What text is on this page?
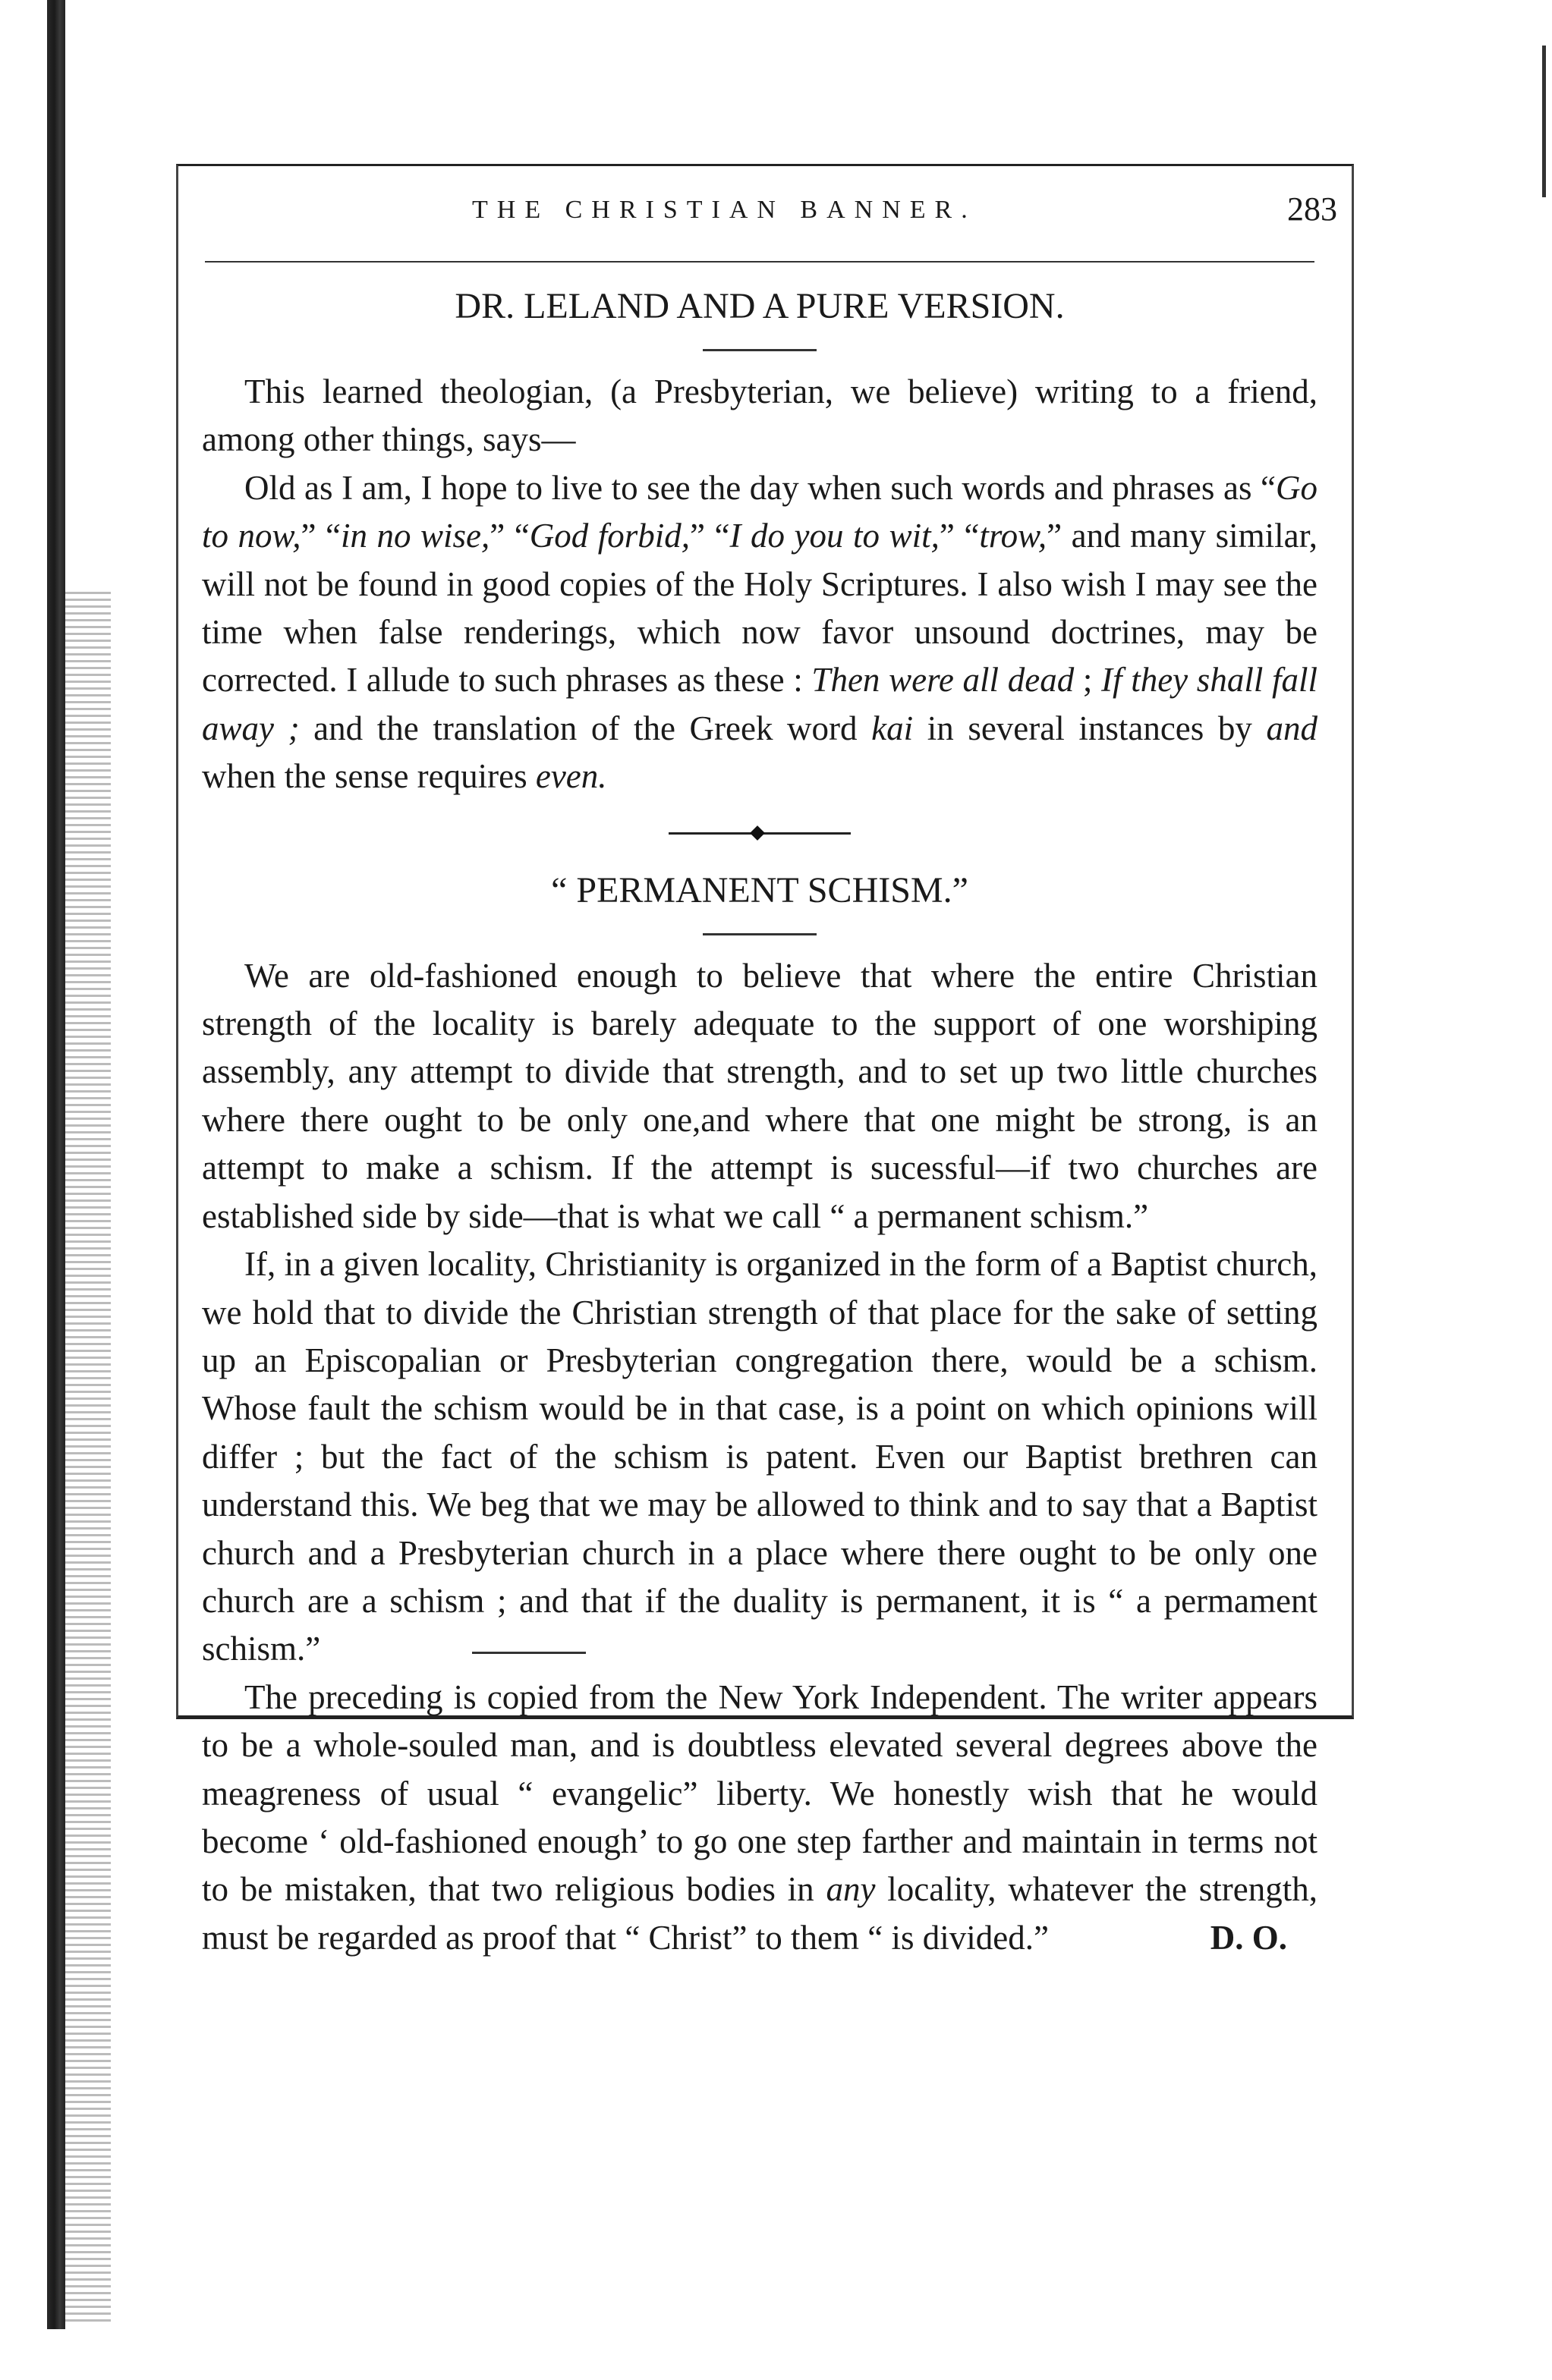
THE CHRISTIAN BANNER.	283
DR. LELAND AND A PURE VERSION.

This learned theologian, (a Presbyterian, we believe) writing to a friend, among other things, says—

Old as I am, I hope to live to see the day when such words and phrases as “Go to now,” “in no wise,” “God forbid,” “I do you to wit,” “trow,” and many similar, will not be found in good copies of the Holy Scriptures. I also wish I may see the time when false renderings, which now favor unsound doctrines, may be corrected. I allude to such phrases as these : Then were all dead ; If they shall fall away ; and the translation of the Greek word kai in several instances by and when the sense requires even.

“ PERMANENT SCHISM.”

We are old-fashioned enough to believe that where the entire Christian strength of the locality is barely adequate to the support of one worshiping assembly, any attempt to divide that strength, and to set up two little churches where there ought to be only one,and where that one might be strong, is an attempt to make a schism. If the attempt is sucessful—if two churches are established side by side—that is what we call “ a permanent schism.”

If, in a given locality, Christianity is organized in the form of a Baptist church, we hold that to divide the Christian strength of that place for the sake of setting up an Episcopalian or Presbyterian congregation there, would be a schism. Whose fault the schism would be in that case, is a point on which opinions will differ ; but the fact of the schism is patent. Even our Baptist brethren can understand this. We beg that we may be allowed to think and to say that a Baptist church and a Presbyterian church in a place where there ought to be only one church are a schism ; and that if the duality is permanent, it is “ a permament schism.”

The preceding is copied from the New York Independent. The writer appears to be a whole-souled man, and is doubtless elevated several degrees above the meagreness of usual “ evangelic” liberty. We honestly wish that he would become ‘ old-fashioned enough’ to go one step farther and maintain in terms not to be mistaken, that two religious bodies in any locality, whatever the strength, must be regarded as proof that “ Christ” to them “ is divided.”	D. O.
